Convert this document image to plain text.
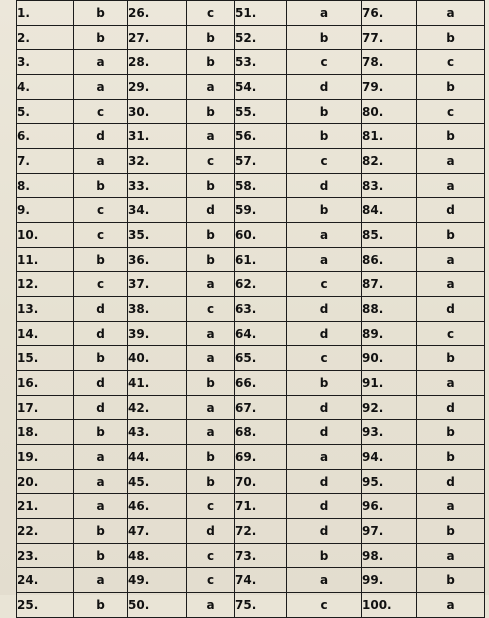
1.	b	26.	c	51.	a	76.	a
2.	b	27.	b	52.	b	77.	b
3.	a	28.	b	53.	c	78.	c
4.	a	29.	a	54.	d	79.	b
5.	c	30.	b	55.	b	80.	c
6.	d	31.	a	56.	b	81.	b
7.	a	32.	c	57.	c	82.	a
8.	b	33.	b	58.	d	83.	a
9.	c	34.	d	59.	b	84.	d
10.	c	35.	b	60.	a	85.	b
11.	b	36.	b	61.	a	86.	a
12.	c	37.	a	62.	c	87.	a
13.	d	38.	c	63.	d	88.	d
14.	d	39.	a	64.	d	89.	c
15.	b	40.	a	65.	c	90.	b
16.	d	41.	b	66.	b	91.	a
17.	d	42.	a	67.	d	92.	d
18.	b	43.	a	68.	d	93.	b
19.	a	44.	b	69.	a	94.	b
20.	a	45.	b	70.	d	95.	d
21.	a	46.	c	71.	d	96.	a
22.	b	47.	d	72.	d	97.	b
23.	b	48.	c	73.	b	98.	a
24.	a	49.	c	74.	a	99.	b
25.	b	50.	a	75.	c	100.	a
